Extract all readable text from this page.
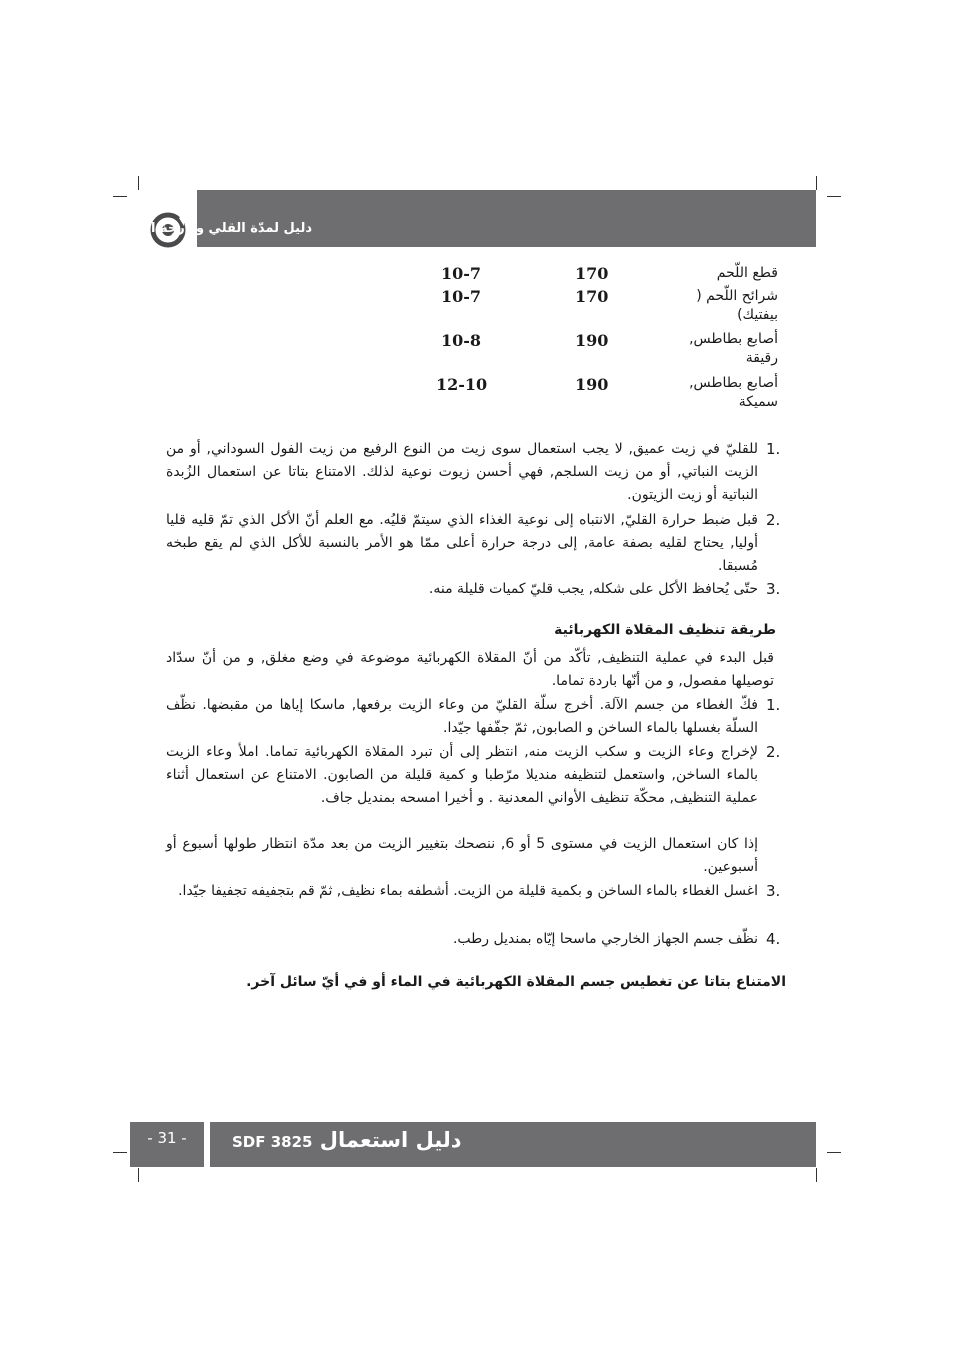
دليل لمدّة القلي و درجة الحرارة
قطع اللّحم
170
10-7
شرائح اللّحم ( بيفتيك)
170
10-7
أصابع بطاطس, رقيقة
190
10-8
أصابع بطاطس, سميكة
190
12-10
للقليّ في زيت عميق, لا يجب استعمال سوى زيت من النوع الرفيع من زيت الفول السوداني, أو من الزيت النباتي, أو من زيت السلجم, فهي أحسن زيوت نوعية لذلك. الامتناع بتاتا عن استعمال الزُبدة النباتية أو زيت الزيتون.
1.
قبل ضبط حرارة القليّ, الانتباه إلى نوعية الغذاء الذي سيتمّ قليُه. مع العلم أنّ الأكل الذي تمّ قليه قليا أوليا, يحتاج لقليه بصفة عامة, إلى درجة حرارة أعلى ممّا هو الأمر بالنسبة للأكل الذي لم يقع طبخه مُسبقا.
2.
حتّى يُحافظ الأكل على شكله, يجب قليّ كميات قليلة منه. 3.
طريقة تنظيف المقلاة الكهربائية
قبل البدء في عملية التنظيف, تأكّد من أنّ المقلاة الكهربائية موضوعة في وضع مغلق, و من أنّ سدّاد توصيلها مفصول, و من أنّها باردة تماما.
فكّ الغطاء من جسم الآلة. أخرج سلّة القليّ من وعاء الزيت برفعها, ماسكا إياها من مقبضها. نظّف السلّة بغسلها بالماء الساخن و الصابون, ثمّ جفّفها جيّدا.
1.
لإخراج وعاء الزيت و سكب الزيت منه, انتظر إلى أن تبرد المقلاة الكهربائية تماما. املأ وعاء الزيت بالماء الساخن, واستعمل لتنظيفه منديلا مرّطبا و كمية قليلة من الصابون. الامتناع عن استعمال أثناء عملية التنظيف, محكّة تنظيف الأواني المعدنية . و أخيرا امسحه بمنديل جاف.
2.
إذا كان استعمال الزيت في مستوى 5 أو 6, ننصحك بتغيير الزيت من بعد مدّة انتظار طولها أسبوع أو أسبوعين.
اغسل الغطاء بالماء الساخن و بكمية قليلة من الزيت. أشطفه بماء نظيف, ثمّ قم بتجفيفه تجفيفا جيّدا. 3.
نظّف جسم الجهاز الخارجي ماسحا إيّاه بمنديل رطب. 4.
الامتناع بتاتا عن تغطيس جسم المقلاة الكهربائية في الماء أو في أيّ سائل آخر.
- 31 -	SDF 3825 دليل استعمال
